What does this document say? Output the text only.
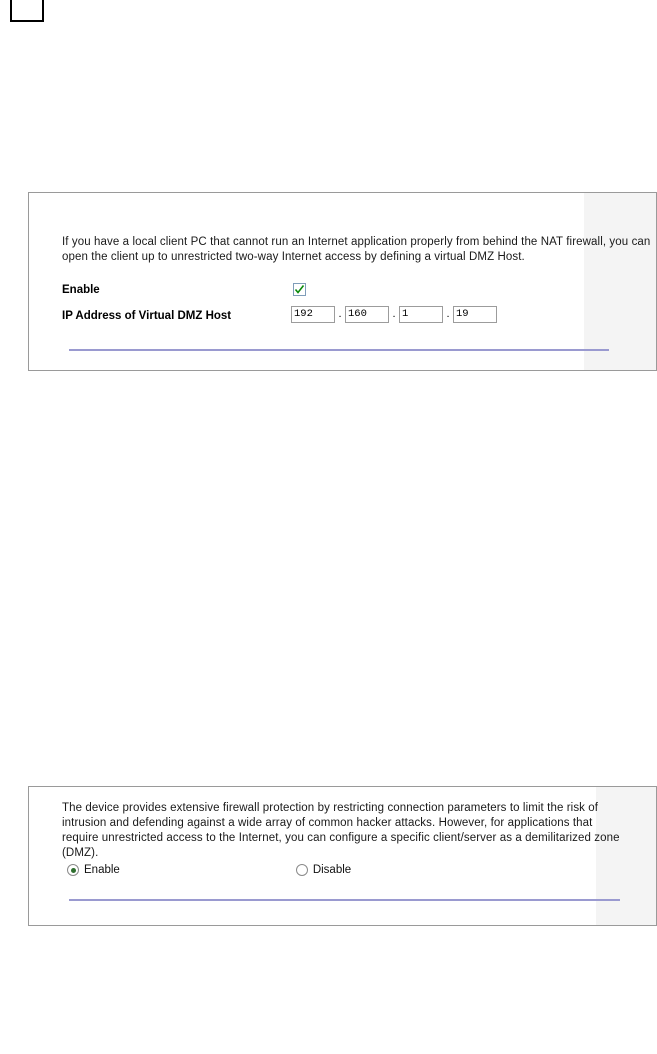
If you have a local client PC that cannot run an Internet application properly from behind the NAT firewall, you can open the client up to unrestricted two-way Internet access by defining a virtual DMZ Host.
Enable
IP Address of Virtual DMZ Host	192	. 160	. 1	. 19
The device provides extensive firewall protection by restricting connection parameters to limit the risk of intrusion and defending against a wide array of common hacker attacks. However, for applications that require unrestricted access to the Internet, you can configure a specific client/server as a demilitarized zone (DMZ).
Enable	Disable
